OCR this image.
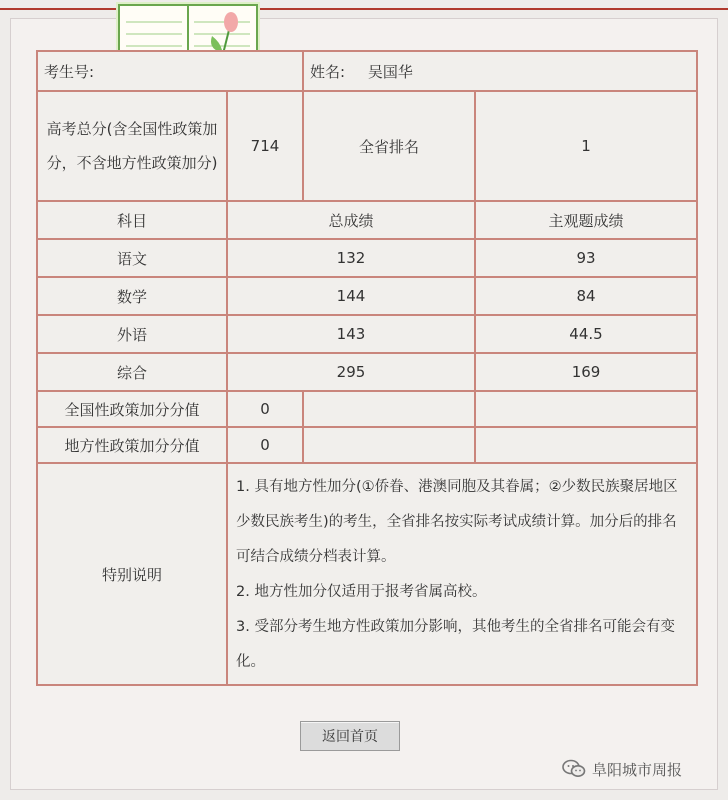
考生号:		姓名: 吴国华	
高考总分(含全国性政策加分，不含地方性政策加分)	714	全省排名	1
科目	总成绩		主观题成绩
语文	132		93
数学	144		84
外语	143		44.5
综合	295		169
全国性政策加分分值	0		
地方性政策加分分值	0		
特别说明	1. 具有地方性加分(①侨眷、港澳同胞及其眷属；②少数民族聚居地区少数民族考生)的考生，全省排名按实际考试成绩计算。加分后的排名可结合成绩分档表计算。

2. 地方性加分仅适用于报考省属高校。

3. 受部分考生地方性政策加分影响，其他考生的全省排名可能会有变化。		

返回首页
阜阳城市周报
